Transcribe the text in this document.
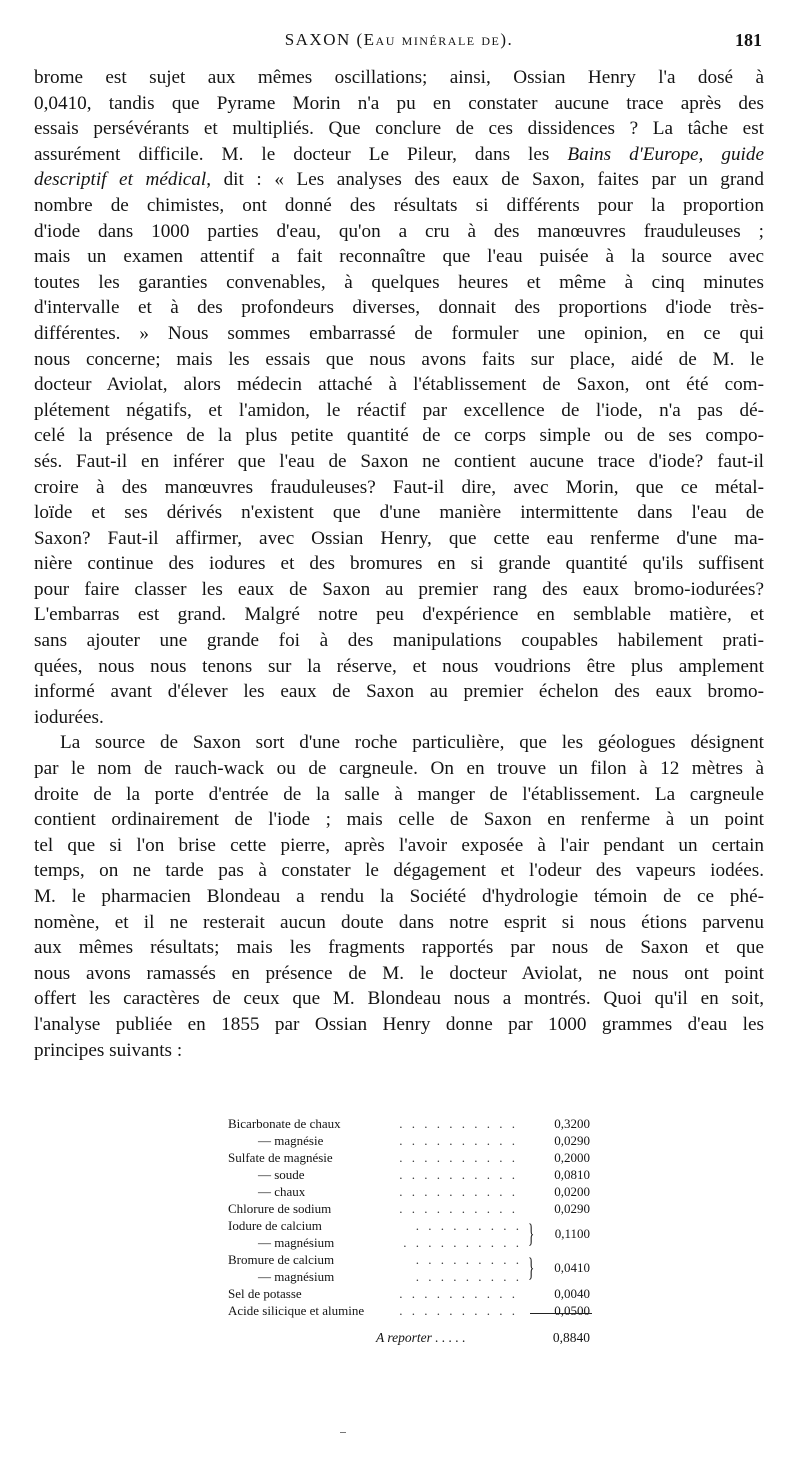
SAXON (Eau minérale de).	181
brome est sujet aux mêmes oscillations; ainsi, Ossian Henry l'a dosé à
0,0410, tandis que Pyrame Morin n'a pu en constater aucune trace après des
essais persévérants et multipliés. Que conclure de ces dissidences ? La tâche est
assurément difficile. M. le docteur Le Pileur, dans les Bains d'Europe, guide
descriptif et médical, dit : « Les analyses des eaux de Saxon, faites par un grand
nombre de chimistes, ont donné des résultats si différents pour la proportion
d'iode dans 1000 parties d'eau, qu'on a cru à des manœuvres frauduleuses ;
mais un examen attentif a fait reconnaître que l'eau puisée à la source avec
toutes les garanties convenables, à quelques heures et même à cinq minutes
d'intervalle et à des profondeurs diverses, donnait des proportions d'iode très-
différentes. » Nous sommes embarrassé de formuler une opinion, en ce qui
nous concerne; mais les essais que nous avons faits sur place, aidé de M. le
docteur Aviolat, alors médecin attaché à l'établissement de Saxon, ont été com-
plétement négatifs, et l'amidon, le réactif par excellence de l'iode, n'a pas dé-
celé la présence de la plus petite quantité de ce corps simple ou de ses compo-
sés. Faut-il en inférer que l'eau de Saxon ne contient aucune trace d'iode? faut-il
croire à des manœuvres frauduleuses? Faut-il dire, avec Morin, que ce métal-
loïde et ses dérivés n'existent que d'une manière intermittente dans l'eau de
Saxon? Faut-il affirmer, avec Ossian Henry, que cette eau renferme d'une ma-
nière continue des iodures et des bromures en si grande quantité qu'ils suffisent
pour faire classer les eaux de Saxon au premier rang des eaux bromo-iodurées?
L'embarras est grand. Malgré notre peu d'expérience en semblable matière, et
sans ajouter une grande foi à des manipulations coupables habilement prati-
quées, nous nous tenons sur la réserve, et nous voudrions être plus amplement
informé avant d'élever les eaux de Saxon au premier échelon des eaux bromo-
iodurées.
La source de Saxon sort d'une roche particulière, que les géologues désignent
par le nom de rauch-wack ou de cargneule. On en trouve un filon à 12 mètres à
droite de la porte d'entrée de la salle à manger de l'établissement. La cargneule
contient ordinairement de l'iode ; mais celle de Saxon en renferme à un point
tel que si l'on brise cette pierre, après l'avoir exposée à l'air pendant un certain
temps, on ne tarde pas à constater le dégagement et l'odeur des vapeurs iodées.
M. le pharmacien Blondeau a rendu la Société d'hydrologie témoin de ce phé-
nomène, et il ne resterait aucun doute dans notre esprit si nous étions parvenu
aux mêmes résultats; mais les fragments rapportés par nous de Saxon et que
nous avons ramassés en présence de M. le docteur Aviolat, ne nous ont point
offert les caractères de ceux que M. Blondeau nous a montrés. Quoi qu'il en soit,
l'analyse publiée en 1855 par Ossian Henry donne par 1000 grammes d'eau les
principes suivants :
Bicarbonate de chaux	. . . . . . . . . .	0,3200
— magnésie	. . . . . . . . . .	0,0290
Sulfate de magnésie	. . . . . . . . . .	0,2000
— soude	. . . . . . . . . .	0,0810
— chaux	. . . . . . . . . .	0,0200
Chlorure de sodium	. . . . . . . . . .	0,0290
Iodure de calcium	. . . . . . . . .
— magnésium	. . . . . . . . . . }	0,1100
Bromure de calcium	. . . . . . . . .
— magnésium	. . . . . . . . . }	0,0410
Sel de potasse	. . . . . . . . . .	0,0040
Acide silicique et alumine	. . . . . . . . . .	0,0500
A reporter . . . . .	0,8840
